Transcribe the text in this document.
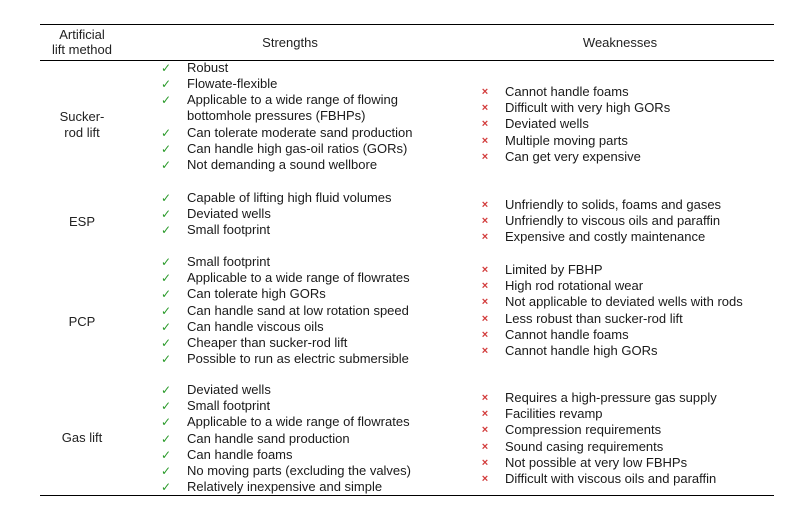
Artificial
lift method	Strengths	Weaknesses
Sucker-
rod lift
✓ Robust
✓ Flowate-flexible
✓ Applicable to a wide range of flowing bottomhole pressures (FBHPs)
✓ Can tolerate moderate sand production
✓ Can handle high gas-oil ratios (GORs)
✓ Not demanding a sound wellbore
× Cannot handle foams
× Difficult with very high GORs
× Deviated wells
× Multiple moving parts
× Can get very expensive
ESP
✓ Capable of lifting high fluid volumes
✓ Deviated wells
✓ Small footprint
× Unfriendly to solids, foams and gases
× Unfriendly to viscous oils and paraffin
× Expensive and costly maintenance
PCP
✓ Small footprint
✓ Applicable to a wide range of flowrates
✓ Can tolerate high GORs
✓ Can handle sand at low rotation speed
✓ Can handle viscous oils
✓ Cheaper than sucker-rod lift
✓ Possible to run as electric submersible
× Limited by FBHP
× High rod rotational wear
× Not applicable to deviated wells with rods
× Less robust than sucker-rod lift
× Cannot handle foams
× Cannot handle high GORs
Gas lift
✓ Deviated wells
✓ Small footprint
✓ Applicable to a wide range of flowrates
✓ Can handle sand production
✓ Can handle foams
✓ No moving parts (excluding the valves)
✓ Relatively inexpensive and simple
× Requires a high-pressure gas supply
× Facilities revamp
× Compression requirements
× Sound casing requirements
× Not possible at very low FBHPs
× Difficult with viscous oils and paraffin
